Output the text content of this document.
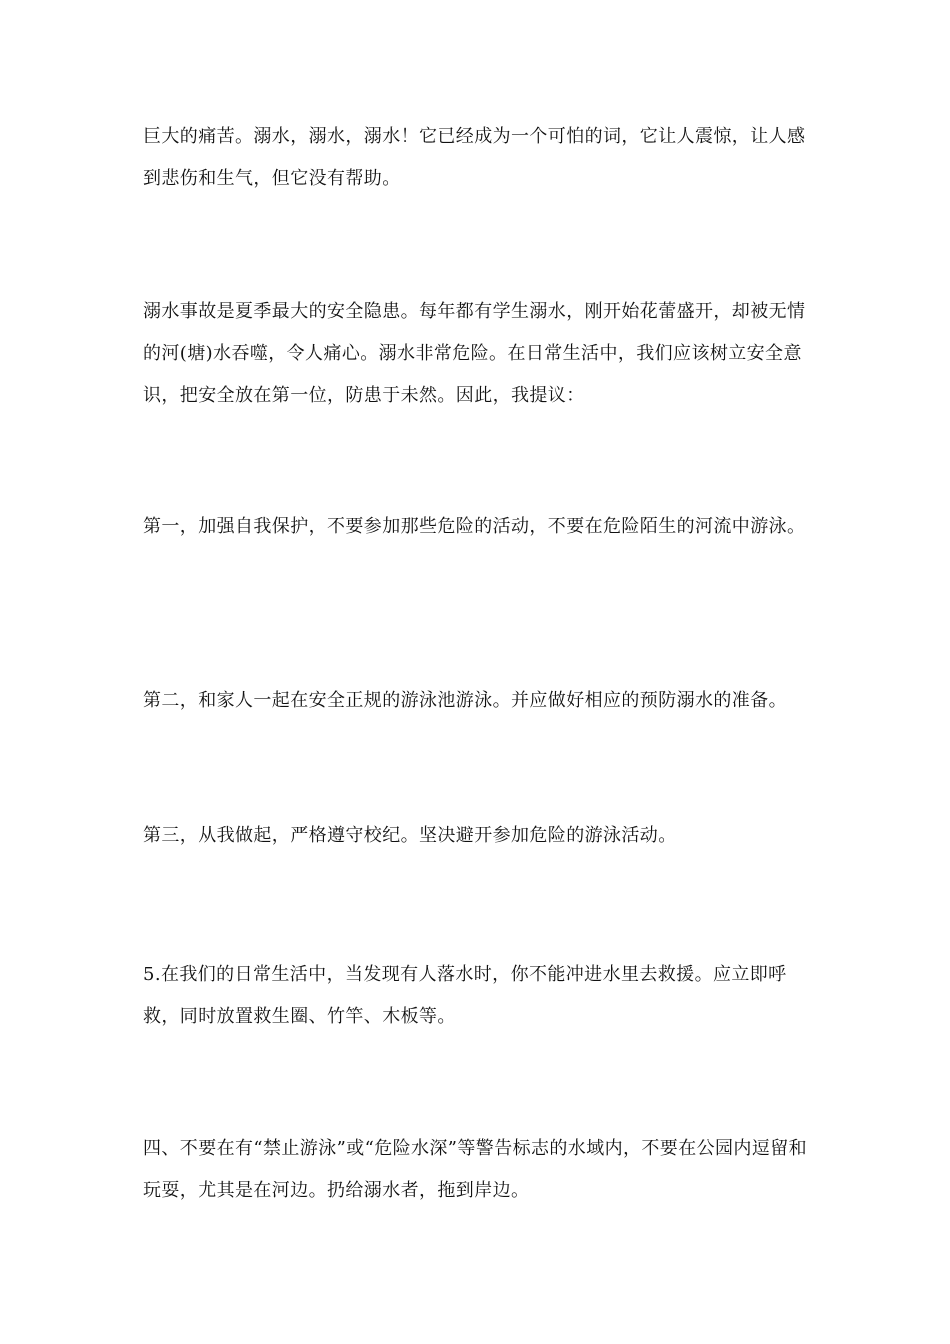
巨大的痛苦。溺水，溺水，溺水！它已经成为一个可怕的词，它让人震惊，让人感到悲伤和生气，但它没有帮助。

溺水事故是夏季最大的安全隐患。每年都有学生溺水，刚开始花蕾盛开，却被无情的河(塘)水吞噬，令人痛心。溺水非常危险。在日常生活中，我们应该树立安全意识，把安全放在第一位，防患于未然。因此，我提议：

第一，加强自我保护，不要参加那些危险的活动，不要在危险陌生的河流中游泳。

第二，和家人一起在安全正规的游泳池游泳。并应做好相应的预防溺水的准备。

第三，从我做起，严格遵守校纪。坚决避开参加危险的游泳活动。

5.在我们的日常生活中，当发现有人落水时，你不能冲进水里去救援。应立即呼救，同时放置救生圈、竹竿、木板等。

四、不要在有“禁止游泳”或“危险水深”等警告标志的水域内，不要在公园内逗留和玩耍，尤其是在河边。扔给溺水者，拖到岸边。
